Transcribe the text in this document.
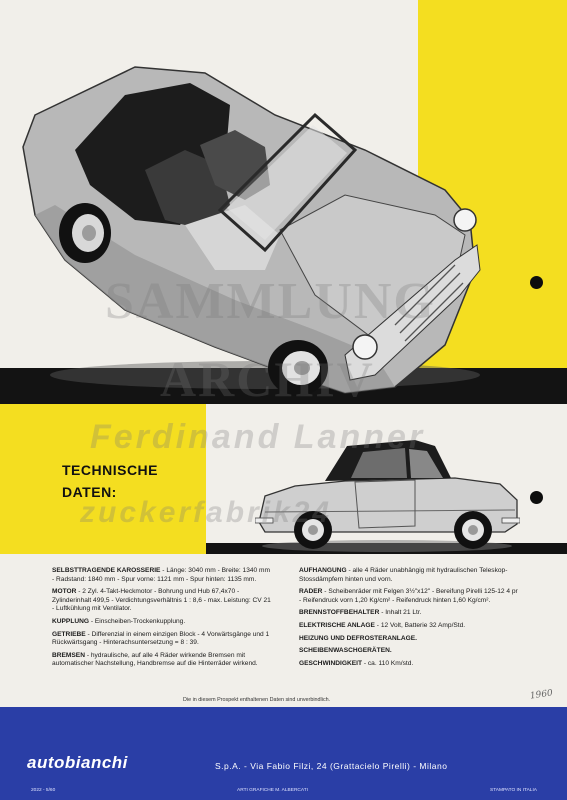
SAMMLUNG
ARCHIV
Ferdinand Lanner
zuckerfabrik24
TECHNISCHE
DATEN:

SELBSTTRAGENDE KAROSSERIE - Länge: 3040 mm - Breite: 1340 mm - Radstand: 1840 mm - Spur vorne: 1121 mm - Spur hinten: 1135 mm.

MOTOR - 2 Zyl. 4-Takt-Heckmotor - Bohrung und Hub 67,4x70 - Zylinderinhalt 499,5 - Verdichtungsverhältnis 1 : 8,6 - max. Leistung: CV 21 - Luftkühlung mit Ventilator.

KUPPLUNG - Einscheiben-Trockenkupplung.

GETRIEBE - Differenzial in einem einzigen Block - 4 Vorwärtsgänge und 1 Rückwärtsgang - Hinterachsuntersetzung = 8 : 39.

BREMSEN - hydraulische, auf alle 4 Räder wirkende Bremsen mit automatischer Nachstellung, Handbremse auf die Hinterräder wirkend.

AUFHANGUNG - alle 4 Räder unabhängig mit hydraulischen Teleskop-Stossdämpfern hinten und vorn.

RADER - Scheibenräder mit Felgen 3½"x12" - Bereifung Pirelli 125-12 4 pr - Reifendruck vorn 1,20 Kg/cm² - Reifendruck hinten 1,60 Kg/cm².

BRENNSTOFFBEHALTER - Inhalt 21 Ltr.

ELEKTRISCHE ANLAGE - 12 Volt, Batterie 32 Amp/Std.

HEIZUNG UND DEFROSTERANLAGE.

SCHEIBENWASCHGERÄTEN.

GESCHWINDIGKEIT - ca. 110 Km/std.

Die in diesem Prospekt enthaltenen Daten sind unverbindlich.	1960
autobianchi	S.p.A. - Via Fabio Filzi, 24 (Grattacielo Pirelli) - Milano
2022 - 5/60	ARTI GRAFICHE M. ALBERCATI	STAMPATO IN ITALIA
